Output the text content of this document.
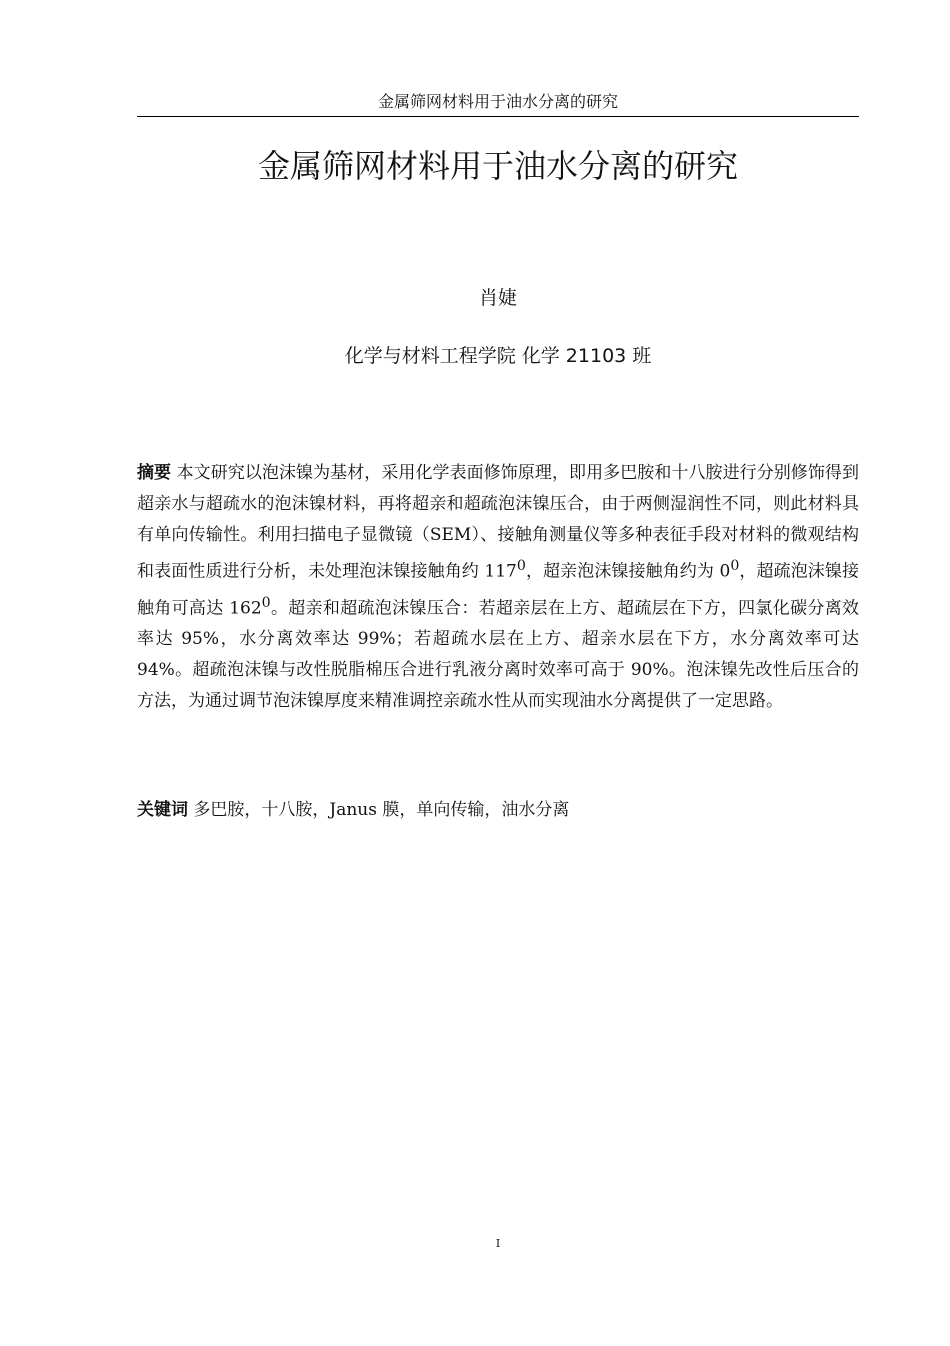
金属筛网材料用于油水分离的研究
金属筛网材料用于油水分离的研究
肖婕
化学与材料工程学院 化学 21103 班

摘要 本文研究以泡沫镍为基材，采用化学表面修饰原理，即用多巴胺和十八胺进行分别修饰得到超亲水与超疏水的泡沫镍材料，再将超亲和超疏泡沫镍压合，由于两侧湿润性不同，则此材料具有单向传输性。利用扫描电子显微镜（SEM）、接触角测量仪等多种表征手段对材料的微观结构和表面性质进行分析，未处理泡沫镍接触角约 $117^0$，超亲泡沫镍接触角约为 $0^0$，超疏泡沫镍接触角可高达 $162^0$。超亲和超疏泡沫镍压合：若超亲层在上方、超疏层在下方，四氯化碳分离效率达 95%，水分离效率达 99%；若超疏水层在上方、超亲水层在下方，水分离效率可达 94%。超疏泡沫镍与改性脱脂棉压合进行乳液分离时效率可高于 90%。泡沫镍先改性后压合的方法，为通过调节泡沫镍厚度来精准调控亲疏水性从而实现油水分离提供了一定思路。

关键词 多巴胺，十八胺，Janus 膜，单向传输，油水分离

I
